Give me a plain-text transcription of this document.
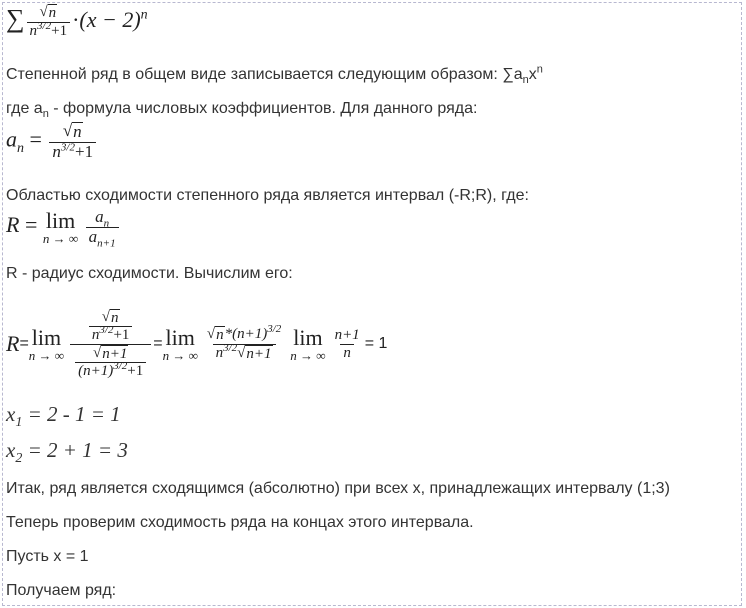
∑ $\frac{√ n}{n^{3/2}+1} \cdot(x - 2)^n$
Степенной ряд в общем виде записывается следующим образом: $\sum a_nx^n$
где $a_n$ - формула числовых коэффициентов. Для данного ряда:
$a_n = \frac{√ n}{n^{3/2}+1}$
Областью сходимости степенного ряда является интервал (-R;R), где:
R = lim
n → ∞
$\frac{a_n}{a_{n+1}}$
R - радиус сходимости. Вычислим его:
R = lim
n → ∞ $\frac{\frac{√ n}{n^{3/2}+1}}{\frac{√ n+1}{(n+1)^{3/2}+1}} = \lim$
n → ∞ $\frac{√ n *(n+1)^{3/2}}{n^{3/2} √ n+1}$ lim
n → ∞ $\frac{n+1}{n} = 1$
$x_1 = 2 - 1 = 1$
$x_2 = 2 + 1 = 3$
Итак, ряд является сходящимся (абсолютно) при всех x, принадлежащих интервалу (1;3)
Теперь проверим сходимость ряда на концах этого интервала.
Пусть x = 1
Получаем ряд:
